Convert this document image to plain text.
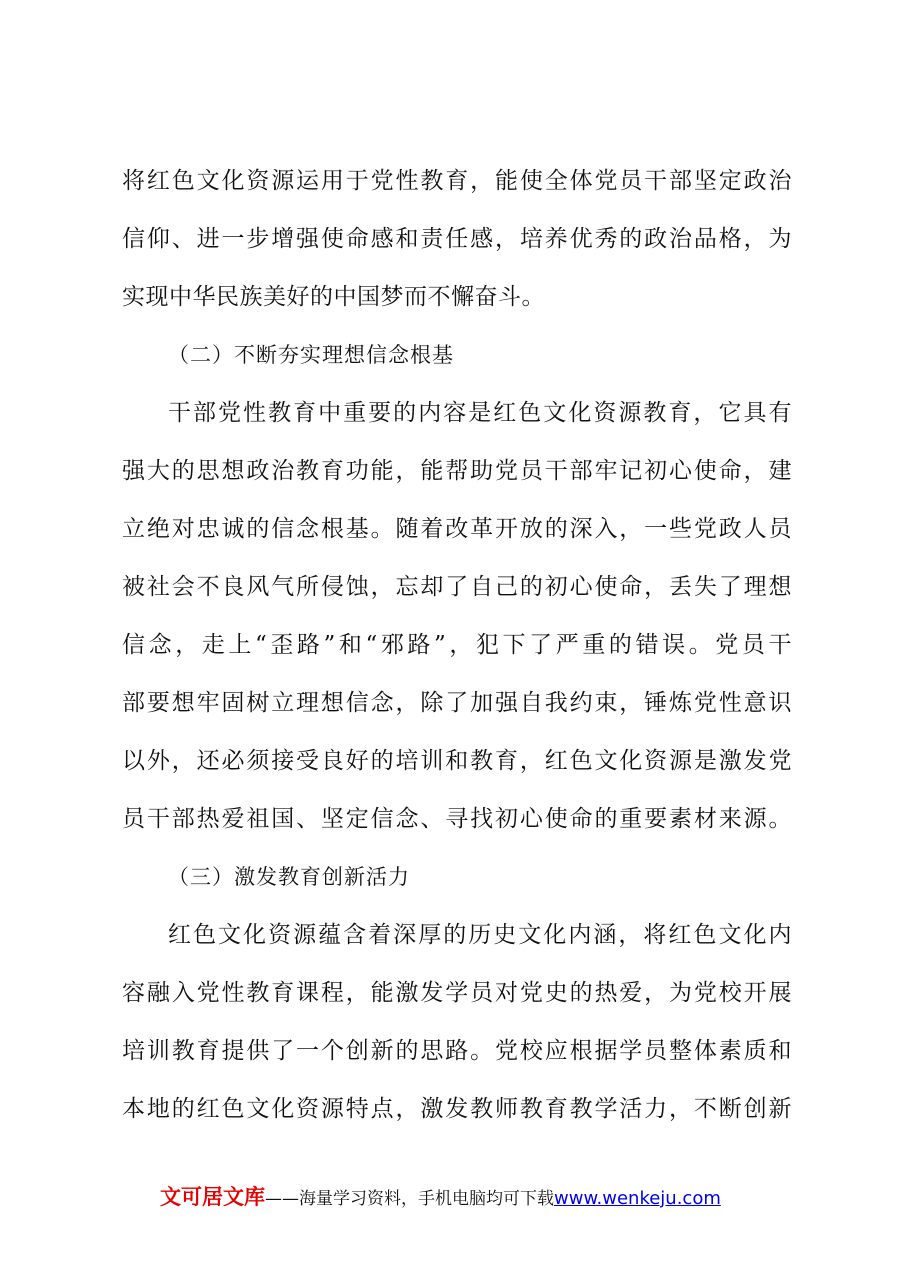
将红色文化资源运用于党性教育，能使全体党员干部坚定政治
信仰、进一步增强使命感和责任感，培养优秀的政治品格，为
实现中华民族美好的中国梦而不懈奋斗。
（二）不断夯实理想信念根基
干部党性教育中重要的内容是红色文化资源教育，它具有
强大的思想政治教育功能，能帮助党员干部牢记初心使命，建
立绝对忠诚的信念根基。随着改革开放的深入，一些党政人员
被社会不良风气所侵蚀，忘却了自己的初心使命，丢失了理想
信念，走上“歪路”和“邪路”，犯下了严重的错误。党员干
部要想牢固树立理想信念，除了加强自我约束，锤炼党性意识
以外，还必须接受良好的培训和教育，红色文化资源是激发党
员干部热爱祖国、坚定信念、寻找初心使命的重要素材来源。
（三）激发教育创新活力
红色文化资源蕴含着深厚的历史文化内涵，将红色文化内
容融入党性教育课程，能激发学员对党史的热爱，为党校开展
培训教育提供了一个创新的思路。党校应根据学员整体素质和
本地的红色文化资源特点，激发教师教育教学活力，不断创新
文可居文库——海量学习资料，手机电脑均可下载www.wenkeju.com
